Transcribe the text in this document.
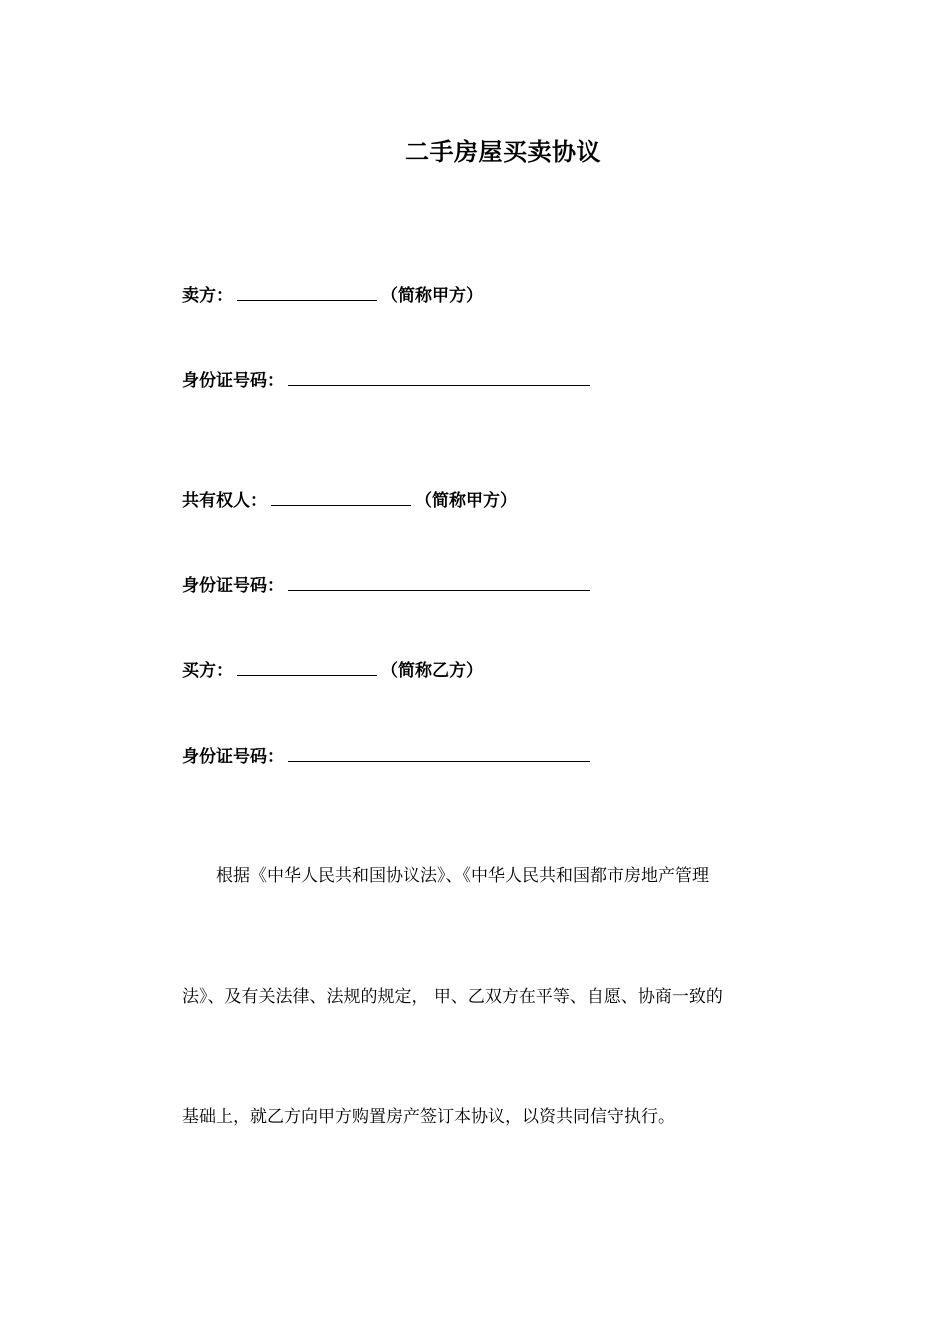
二手房屋买卖协议
卖方：	（简称甲方）
身份证号码：
共有权人：	（简称甲方）
身份证号码：
买方：	（简称乙方）
身份证号码：
根据《中华人民共和国协议法》、《中华人民共和国都市房地产管理
法》、及有关法律、法规的规定， 甲、乙双方在平等、自愿、协商一致的
基础上，就乙方向甲方购置房产签订本协议，以资共同信守执行。
